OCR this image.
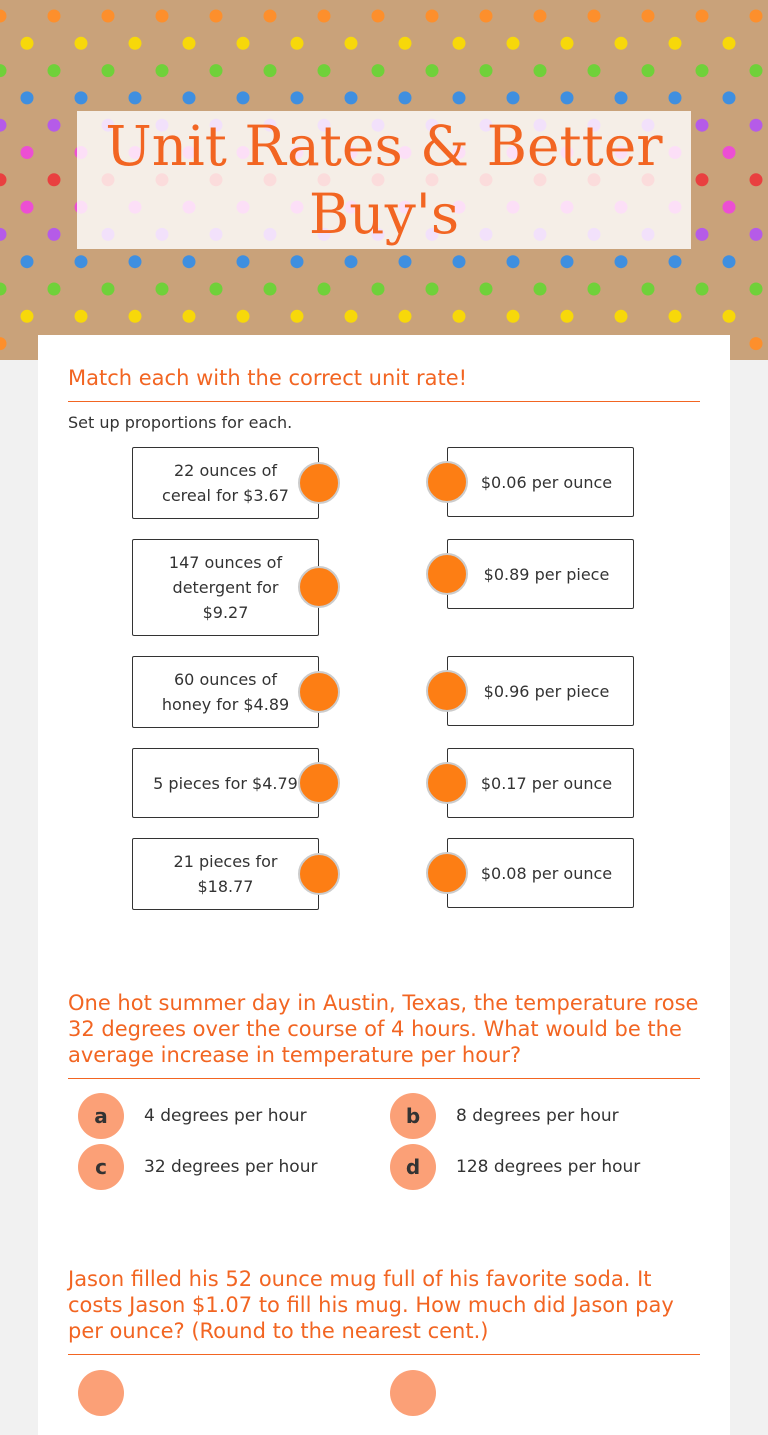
Unit Rates & Better Buy's
Match each with the correct unit rate!
Set up proportions for each.
22 ounces of cereal for $3.67
147 ounces of detergent for $9.27
60 ounces of honey for $4.89
5 pieces for $4.79
21 pieces for $18.77
$0.06 per ounce
$0.89 per piece
$0.96 per piece
$0.17 per ounce
$0.08 per ounce
One hot summer day in Austin, Texas, the temperature rose 32 degrees over the course of 4 hours. What would be the average increase in temperature per hour?
a	4 degrees per hour	b	8 degrees per hour
c	32 degrees per hour	d	128 degrees per hour
Jason filled his 52 ounce mug full of his favorite soda. It costs Jason $1.07 to fill his mug. How much did Jason pay per ounce? (Round to the nearest cent.)
